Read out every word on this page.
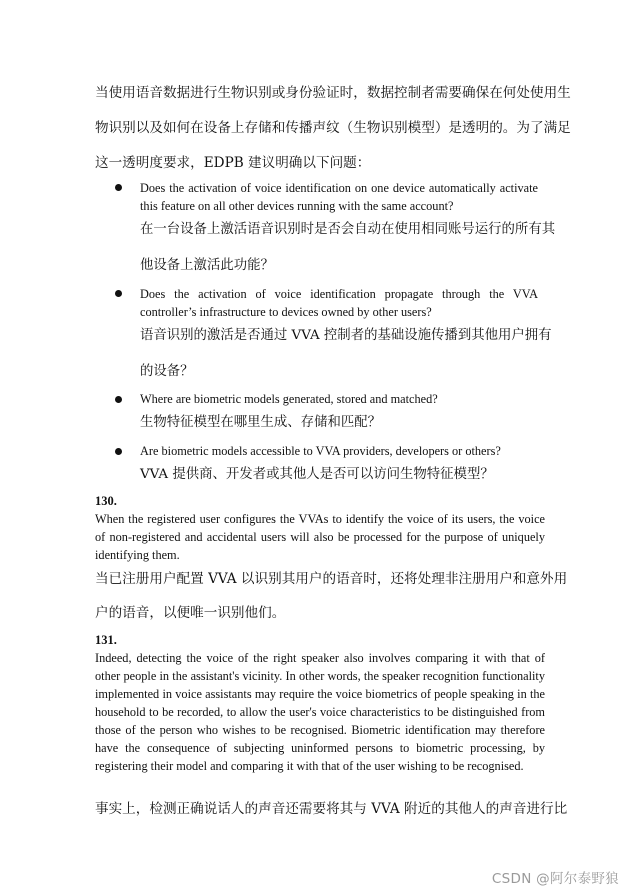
当使用语音数据进行生物识别或身份验证时，数据控制者需要确保在何处使用生
物识别以及如何在设备上存储和传播声纹（生物识别模型）是透明的。为了满足
这一透明度要求，EDPB 建议明确以下问题：
Does the activation of voice identification on one device automatically activate this feature on all other devices running with the same account?
在一台设备上激活语音识别时是否会自动在使用相同账号运行的所有其
他设备上激活此功能？
Does the activation of voice identification propagate through the VVA controller’s infrastructure to devices owned by other users?
语音识别的激活是否通过 VVA 控制者的基础设施传播到其他用户拥有
的设备？
Where are biometric models generated, stored and matched?
生物特征模型在哪里生成、存储和匹配？
Are biometric models accessible to VVA providers, developers or others?
VVA 提供商、开发者或其他人是否可以访问生物特征模型？
130.
When the registered user configures the VVAs to identify the voice of its users, the voice of non-registered and accidental users will also be processed for the purpose of uniquely identifying them.
当已注册用户配置 VVA 以识别其用户的语音时，还将处理非注册用户和意外用
户的语音，以便唯一识别他们。
131.
Indeed, detecting the voice of the right speaker also involves comparing it with that of other people in the assistant's vicinity. In other words, the speaker recognition functionality implemented in voice assistants may require the voice biometrics of people speaking in the household to be recorded, to allow the user's voice characteristics to be distinguished from those of the person who wishes to be recognised. Biometric identification may therefore have the consequence of subjecting uninformed persons to biometric processing, by registering their model and comparing it with that of the user wishing to be recognised.
事实上，检测正确说话人的声音还需要将其与 VVA 附近的其他人的声音进行比
CSDN @阿尔泰野狼
